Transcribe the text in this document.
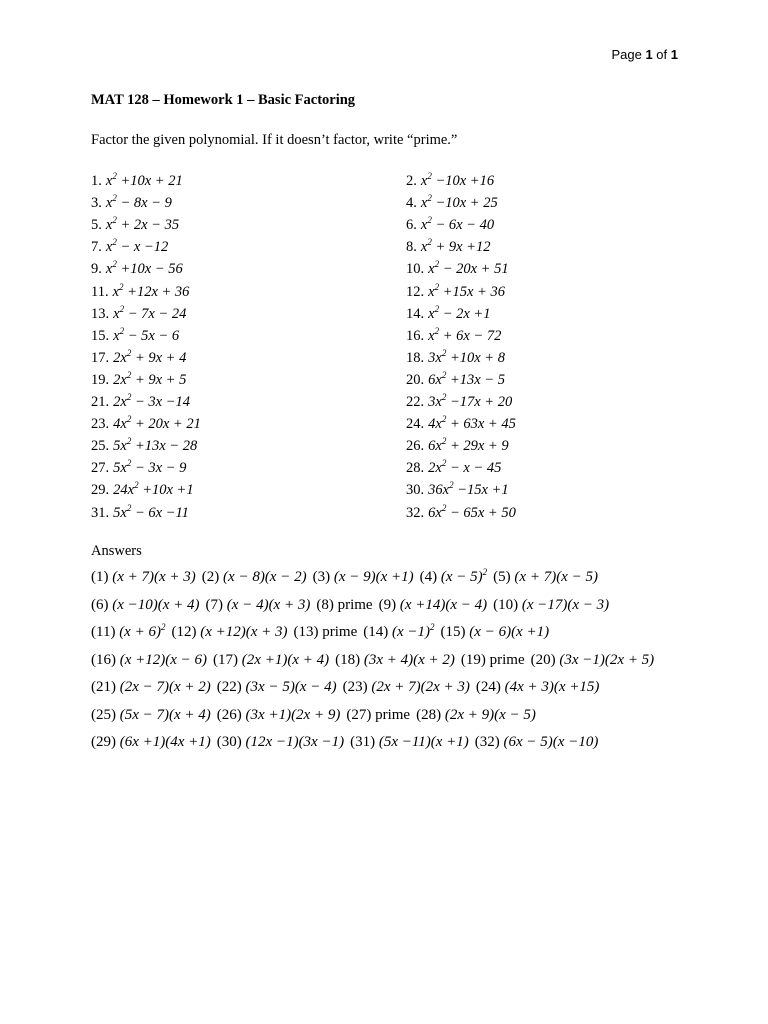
Page 1 of 1
MAT 128 – Homework 1 – Basic Factoring
Factor the given polynomial. If it doesn’t factor, write “prime.”
1. $x^2 +10x + 21$	2. $x^2 -10x +16$
3. $x^2 - 8x - 9$	4. $x^2 -10x + 25$
5. $x^2 + 2x - 35$	6. $x^2 - 6x - 40$
7. $x^2 - x -12$	8. $x^2 + 9x +12$
9. $x^2 +10x - 56$	10. $x^2 - 20x + 51$
11. $x^2 +12x + 36$	12. $x^2 +15x + 36$
13. $x^2 - 7x - 24$	14. $x^2 - 2x +1$
15. $x^2 - 5x - 6$	16. $x^2 + 6x - 72$
17. $2x^2 + 9x + 4$	18. $3x^2 +10x + 8$
19. $2x^2 + 9x + 5$	20. $6x^2 +13x - 5$
21. $2x^2 - 3x -14$	22. $3x^2 -17x + 20$
23. $4x^2 + 20x + 21$	24. $4x^2 + 63x + 45$
25. $5x^2 +13x - 28$	26. $6x^2 + 29x + 9$
27. $5x^2 - 3x - 9$	28. $2x^2 - x - 45$
29. $24x^2 +10x +1$	30. $36x^2 -15x +1$
31. $5x^2 - 6x -11$	32. $6x^2 - 65x + 50$
Answers
(1) (x + 7)(x + 3) (2) (x − 8)(x − 2) (3) (x − 9)(x +1) (4) $(x - 5)^2$ (5) (x + 7)(x − 5)
(6) (x −10)(x + 4) (7) (x − 4)(x + 3) (8) prime (9) (x +14)(x − 4) (10) (x −17)(x − 3)
(11) $(x + 6)^2$ (12) (x +12)(x + 3) (13) prime (14) $(x -1)^2$ (15) (x − 6)(x +1)
(16) (x +12)(x − 6) (17) (2x +1)(x + 4) (18) (3x + 4)(x + 2) (19) prime (20) (3x −1)(2x + 5)
(21) (2x − 7)(x + 2) (22) (3x − 5)(x − 4) (23) (2x + 7)(2x + 3) (24) (4x + 3)(x +15)
(25) (5x − 7)(x + 4) (26) (3x +1)(2x + 9) (27) prime (28) (2x + 9)(x − 5)
(29) (6x +1)(4x +1) (30) (12x −1)(3x −1) (31) (5x −11)(x +1) (32) (6x − 5)(x −10)
